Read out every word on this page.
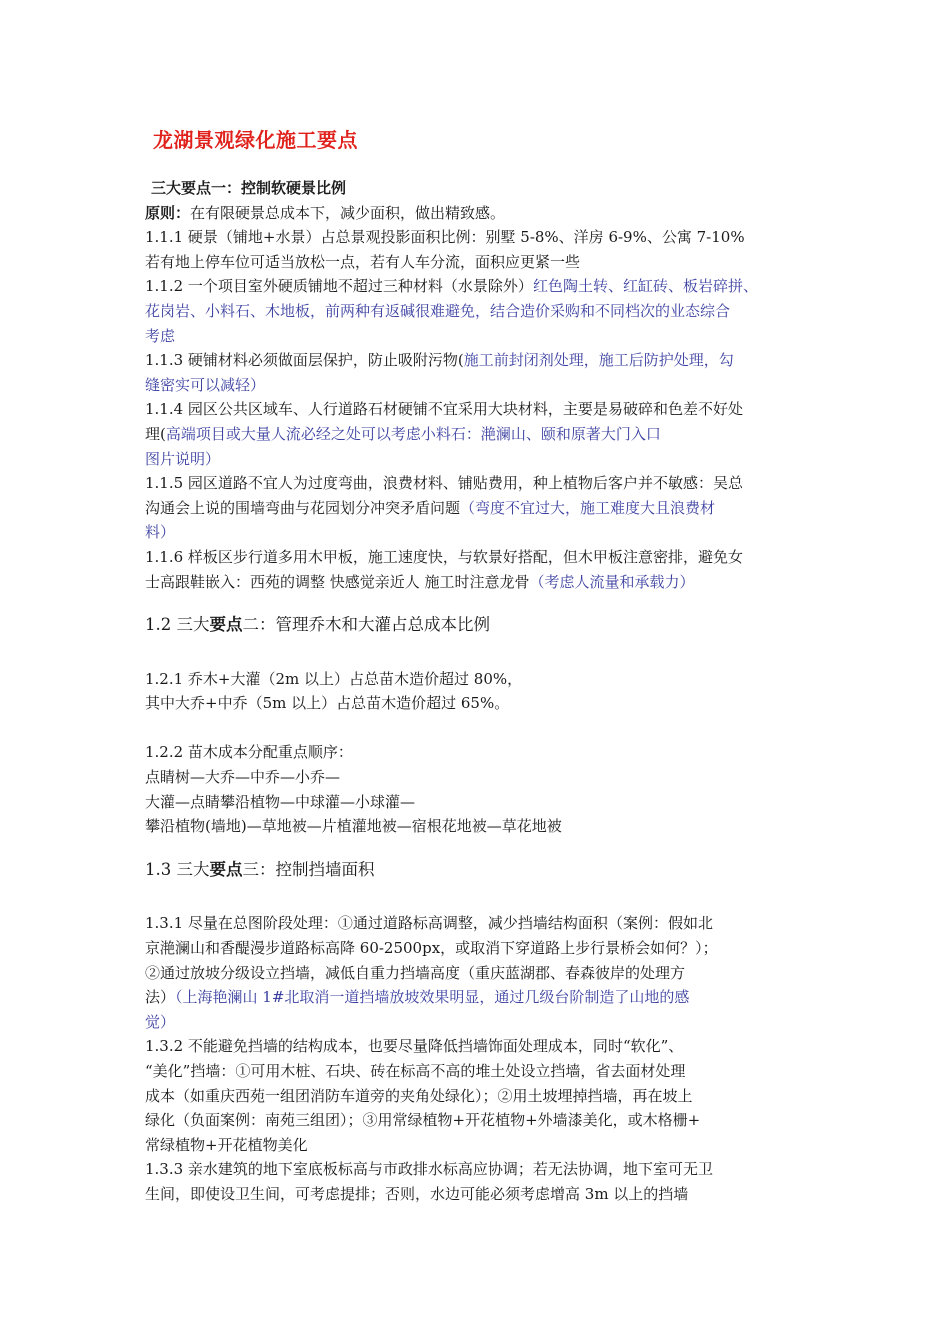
龙湖景观绿化施工要点
三大要点一：控制软硬景比例
原则：在有限硬景总成本下，减少面积，做出精致感。
1.1.1 硬景（铺地+水景）占总景观投影面积比例：别墅 5-8%、洋房 6-9%、公寓 7-10%
若有地上停车位可适当放松一点，若有人车分流，面积应更紧一些
1.1.2 一个项目室外硬质铺地不超过三种材料（水景除外）红色陶土转、红缸砖、板岩碎拼、
花岗岩、小料石、木地板，前两种有返碱很难避免，结合造价采购和不同档次的业态综合
考虑
1.1.3 硬铺材料必须做面层保护，防止吸附污物(施工前封闭剂处理，施工后防护处理，勾
缝密实可以减轻）
1.1.4 园区公共区域车、人行道路石材硬铺不宜采用大块材料，主要是易破碎和色差不好处
理(高端项目或大量人流必经之处可以考虑小料石：滟澜山、颐和原著大门入口
图片说明）
1.1.5 园区道路不宜人为过度弯曲，浪费材料、铺贴费用，种上植物后客户并不敏感：吴总
沟通会上说的围墙弯曲与花园划分冲突矛盾问题（弯度不宜过大，施工难度大且浪费材
料）
1.1.6 样板区步行道多用木甲板，施工速度快，与软景好搭配，但木甲板注意密排，避免女
士高跟鞋嵌入：西苑的调整 快感觉亲近人 施工时注意龙骨（考虑人流量和承载力）
1.2 三大要点二：管理乔木和大灌占总成本比例
1.2.1 乔木+大灌（2m 以上）占总苗木造价超过 80%，
其中大乔+中乔（5m 以上）占总苗木造价超过 65%。
1.2.2 苗木成本分配重点顺序：
点睛树—大乔—中乔—小乔—
大灌—点睛攀沿植物—中球灌—小球灌—
攀沿植物(墙地)—草地被—片植灌地被—宿根花地被—草花地被
1.3 三大要点三：控制挡墙面积
1.3.1 尽量在总图阶段处理：①通过道路标高调整，减少挡墙结构面积（案例：假如北
京滟澜山和香醍漫步道路标高降 60-2500px，或取消下穿道路上步行景桥会如何？）；
②通过放坡分级设立挡墙，减低自重力挡墙高度（重庆蓝湖郡、春森彼岸的处理方
法）（上海艳澜山 1#北取消一道挡墙放坡效果明显，通过几级台阶制造了山地的感
觉）
1.3.2 不能避免挡墙的结构成本，也要尽量降低挡墙饰面处理成本，同时“软化”、
“美化”挡墙：①可用木桩、石块、砖在标高不高的堆土处设立挡墙，省去面材处理
成本（如重庆西苑一组团消防车道旁的夹角处绿化）；②用土坡埋掉挡墙，再在坡上
绿化（负面案例：南苑三组团）；③用常绿植物+开花植物+外墙漆美化，或木格栅+
常绿植物+开花植物美化
1.3.3 亲水建筑的地下室底板标高与市政排水标高应协调；若无法协调，地下室可无卫
生间，即使设卫生间，可考虑提排；否则，水边可能必须考虑增高 3m 以上的挡墙
